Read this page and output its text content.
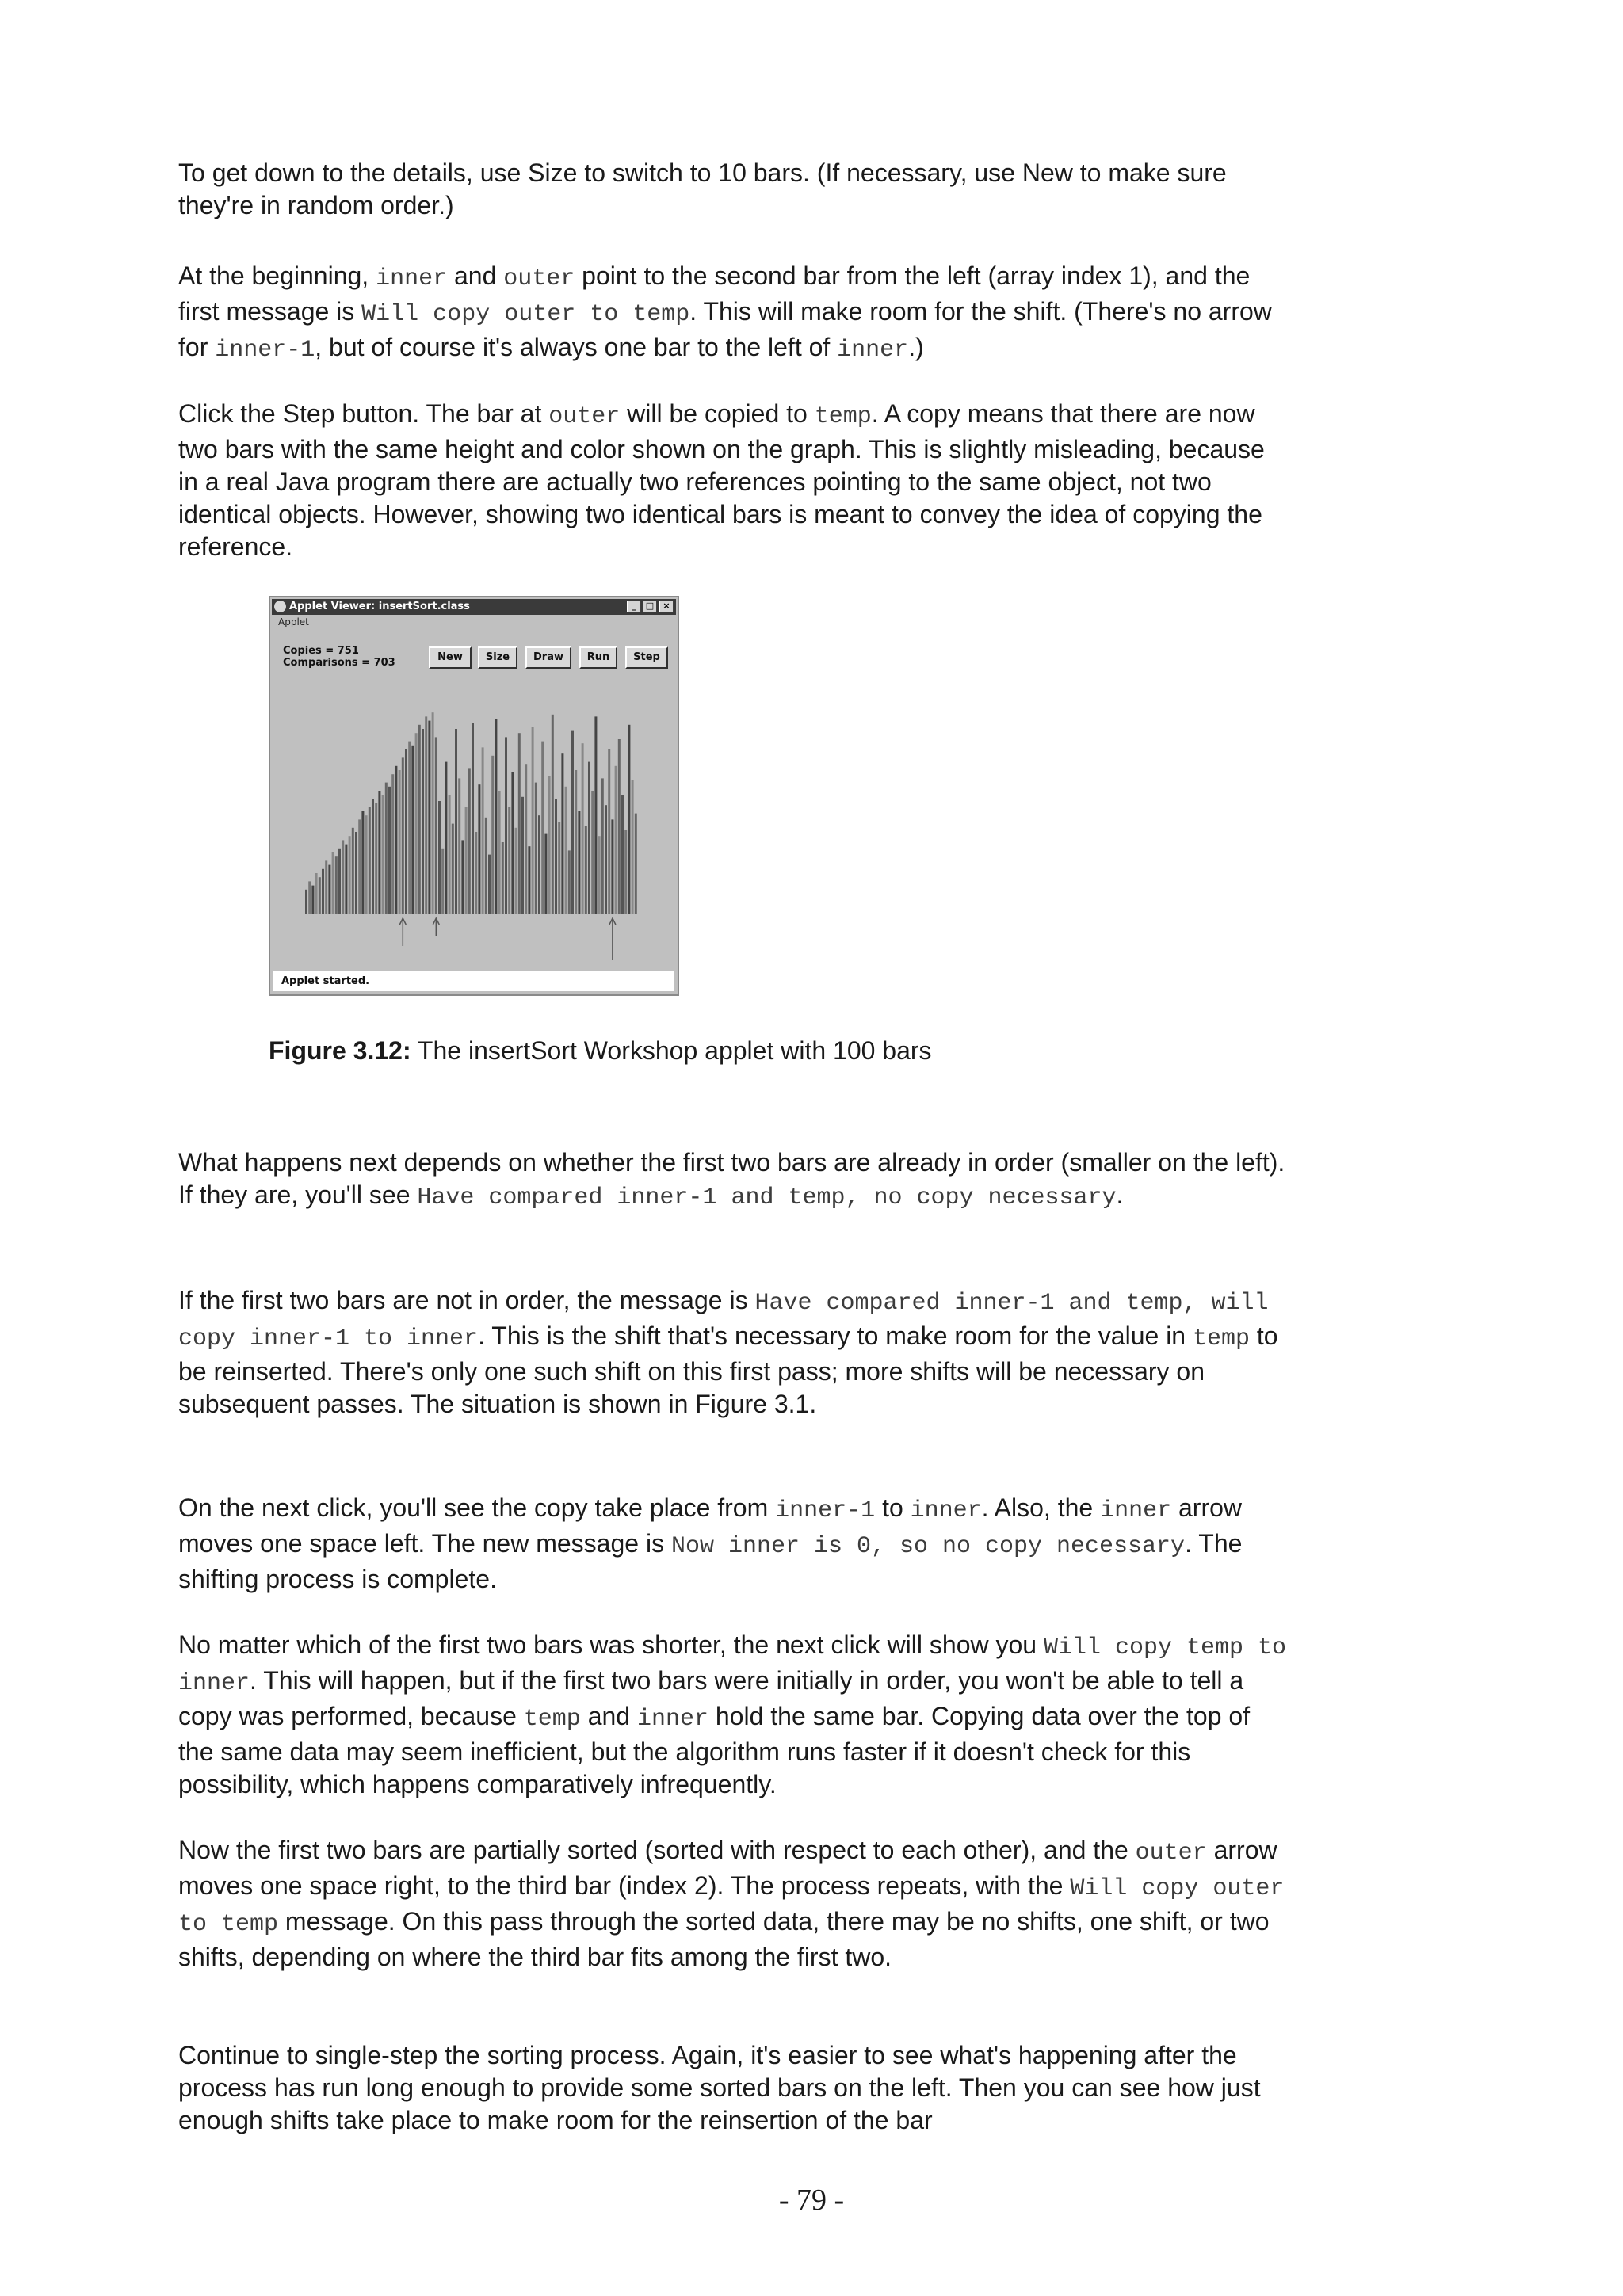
To get down to the details, use Size to switch to 10 bars. (If necessary, use New to make sure they're in random order.)

At the beginning, inner and outer point to the second bar from the left (array index 1), and the first message is Will copy outer to temp. This will make room for the shift. (There's no arrow for inner-1, but of course it's always one bar to the left of inner.)

Click the Step button. The bar at outer will be copied to temp. A copy means that there are now two bars with the same height and color shown on the graph. This is slightly misleading, because in a real Java program there are actually two references pointing to the same object, not two identical objects. However, showing two identical bars is meant to convey the idea of copying the reference.

Applet Viewer: insertSort.class	_	□	×
Applet
Copies = 751
Comparisons = 703	New	Size	Draw	Run	Step
Applet started.

Figure 3.12: The insertSort Workshop applet with 100 bars

What happens next depends on whether the first two bars are already in order (smaller on the left). If they are, you'll see Have compared inner-1 and temp, no copy necessary.

If the first two bars are not in order, the message is Have compared inner-1 and temp, will copy inner-1 to inner. This is the shift that's necessary to make room for the value in temp to be reinserted. There's only one such shift on this first pass; more shifts will be necessary on subsequent passes. The situation is shown in Figure 3.1.

On the next click, you'll see the copy take place from inner-1 to inner. Also, the inner arrow moves one space left. The new message is Now inner is 0, so no copy necessary. The shifting process is complete.

No matter which of the first two bars was shorter, the next click will show you Will copy temp to inner. This will happen, but if the first two bars were initially in order, you won't be able to tell a copy was performed, because temp and inner hold the same bar. Copying data over the top of the same data may seem inefficient, but the algorithm runs faster if it doesn't check for this possibility, which happens comparatively infrequently.

Now the first two bars are partially sorted (sorted with respect to each other), and the outer arrow moves one space right, to the third bar (index 2). The process repeats, with the Will copy outer to temp message. On this pass through the sorted data, there may be no shifts, one shift, or two shifts, depending on where the third bar fits among the first two.

Continue to single-step the sorting process. Again, it's easier to see what's happening after the process has run long enough to provide some sorted bars on the left. Then you can see how just enough shifts take place to make room for the reinsertion of the bar

- 79 -
